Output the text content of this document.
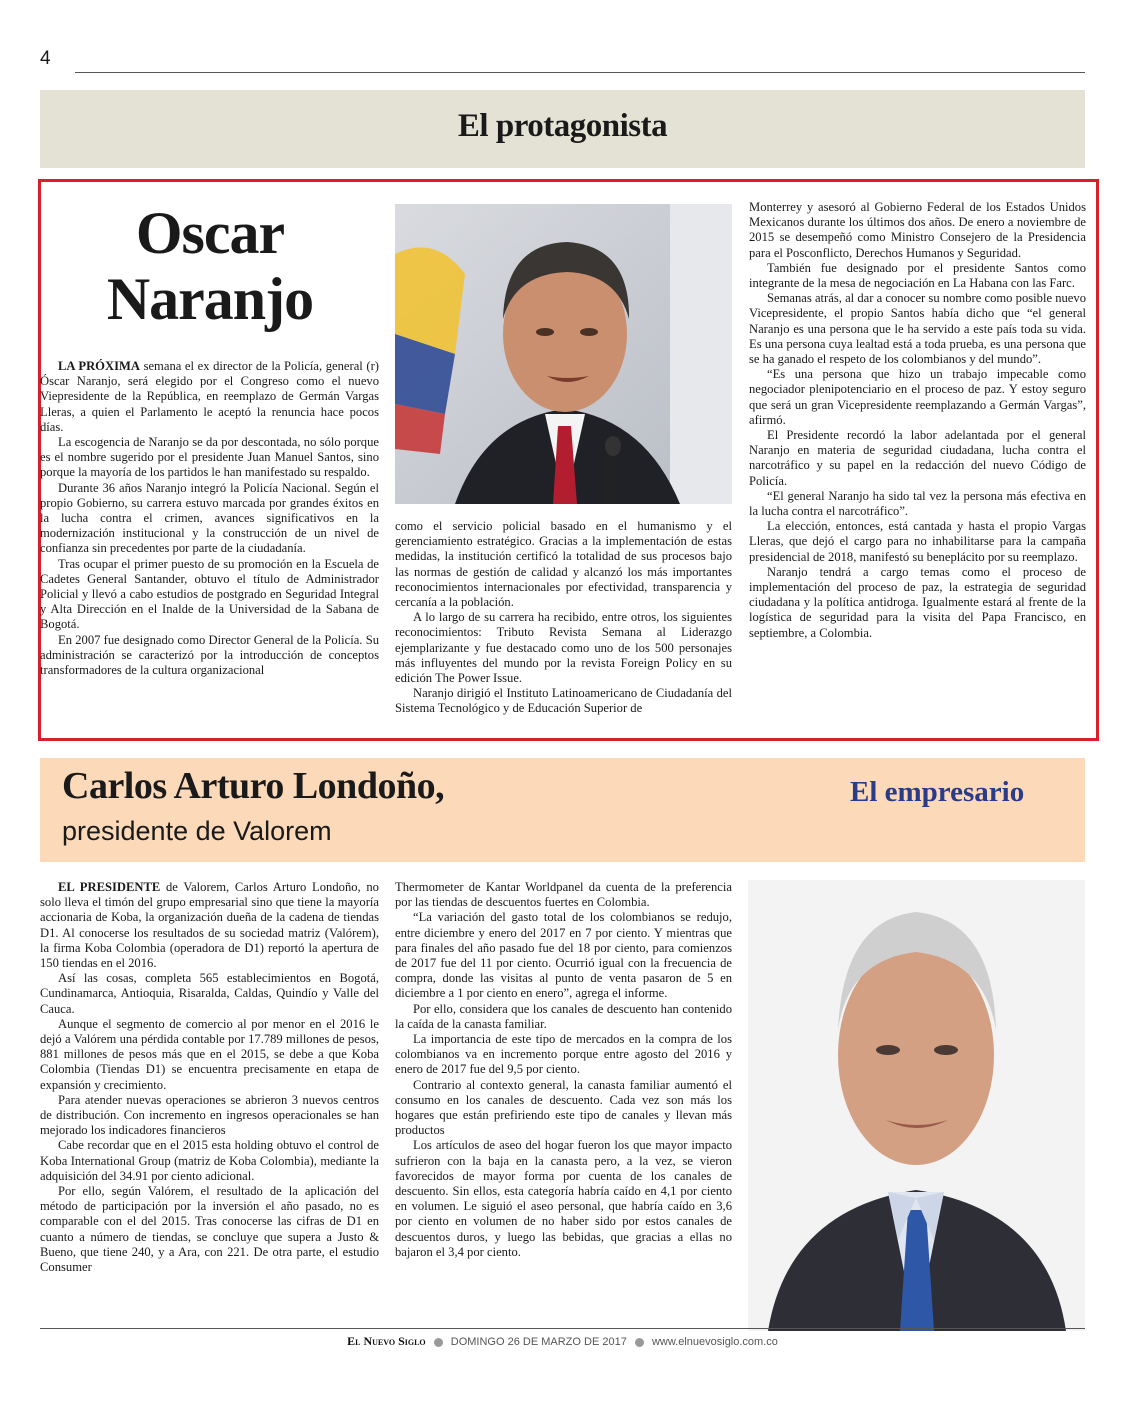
4
El protagonista
Oscar Naranjo

LA PRÓXIMA semana el ex director de la Policía, general (r) Óscar Naranjo, será elegido por el Congreso como el nuevo Viepresidente de la República, en reemplazo de Germán Vargas Lleras, a quien el Parlamento le aceptó la renuncia hace pocos días.

La escogencia de Naranjo se da por descontada, no sólo porque es el nombre sugerido por el presidente Juan Manuel Santos, sino porque la mayoría de los partidos le han manifestado su respaldo.

Durante 36 años Naranjo integró la Policía Nacional. Según el propio Gobierno, su carrera estuvo marcada por grandes éxitos en la lucha contra el crimen, avances significativos en la modernización institucional y la construcción de un nivel de confianza sin precedentes por parte de la ciudadanía.

Tras ocupar el primer puesto de su promoción en la Escuela de Cadetes General Santander, obtuvo el título de Administrador Policial y llevó a cabo estudios de postgrado en Seguridad Integral y Alta Dirección en el Inalde de la Universidad de la Sabana de Bogotá.

En 2007 fue designado como Director General de la Policía. Su administración se caracterizó por la introducción de conceptos transformadores de la cultura organizacional

como el servicio policial basado en el humanismo y el gerenciamiento estratégico. Gracias a la implementación de estas medidas, la institución certificó la totalidad de sus procesos bajo las normas de gestión de calidad y alcanzó los más importantes reconocimientos internacionales por efectividad, transparencia y cercanía a la población.

A lo largo de su carrera ha recibido, entre otros, los siguientes reconocimientos: Tributo Revista Semana al Liderazgo ejemplarizante y fue destacado como uno de los 500 personajes más influyentes del mundo por la revista Foreign Policy en su edición The Power Issue.

Naranjo dirigió el Instituto Latinoamericano de Ciudadanía del Sistema Tecnológico y de Educación Superior de

Monterrey y asesoró al Gobierno Federal de los Estados Unidos Mexicanos durante los últimos dos años. De enero a noviembre de 2015 se desempeñó como Ministro Consejero de la Presidencia para el Posconflicto, Derechos Humanos y Seguridad.

También fue designado por el presidente Santos como integrante de la mesa de negociación en La Habana con las Farc.

Semanas atrás, al dar a conocer su nombre como posible nuevo Vicepresidente, el propio Santos había dicho que “el general Naranjo es una persona que le ha servido a este país toda su vida. Es una persona cuya lealtad está a toda prueba, es una persona que se ha ganado el respeto de los colombianos y del mundo”.

“Es una persona que hizo un trabajo impecable como negociador plenipotenciario en el proceso de paz. Y estoy seguro que será un gran Vicepresidente reemplazando a Germán Vargas”, afirmó.

El Presidente recordó la labor adelantada por el general Naranjo en materia de seguridad ciudadana, lucha contra el narcotráfico y su papel en la redacción del nuevo Código de Policía.

“El general Naranjo ha sido tal vez la persona más efectiva en la lucha contra el narcotráfico”.

La elección, entonces, está cantada y hasta el propio Vargas Lleras, que dejó el cargo para no inhabilitarse para la campaña presidencial de 2018, manifestó su beneplácito por su reemplazo.

Naranjo tendrá a cargo temas como el proceso de implementación del proceso de paz, la estrategia de seguridad ciudadana y la política antidroga. Igualmente estará al frente de la logística de seguridad para la visita del Papa Francisco, en septiembre, a Colombia.

Carlos Arturo Londoño,
presidente de Valorem
El empresario

EL PRESIDENTE de Valorem, Carlos Arturo Londoño, no solo lleva el timón del grupo empresarial sino que tiene la mayoría accionaria de Koba, la organización dueña de la cadena de tiendas D1. Al conocerse los resultados de su sociedad matriz (Valórem), la firma Koba Colombia (operadora de D1) reportó la apertura de 150 tiendas en el 2016.

Así las cosas, completa 565 establecimientos en Bogotá, Cundinamarca, Antioquia, Risaralda, Caldas, Quindío y Valle del Cauca.

Aunque el segmento de comercio al por menor en el 2016 le dejó a Valórem una pérdida contable por 17.789 millones de pesos, 881 millones de pesos más que en el 2015, se debe a que Koba Colombia (Tiendas D1) se encuentra precisamente en etapa de expansión y crecimiento.

Para atender nuevas operaciones se abrieron 3 nuevos centros de distribución. Con incremento en ingresos operacionales se han mejorado los indicadores financieros

Cabe recordar que en el 2015 esta holding obtuvo el control de Koba International Group (matriz de Koba Colombia), mediante la adquisición del 34.91 por ciento adicional.

Por ello, según Valórem, el resultado de la aplicación del método de participación por la inversión el año pasado, no es comparable con el del 2015. Tras conocerse las cifras de D1 en cuanto a número de tiendas, se concluye que supera a Justo & Bueno, que tiene 240, y a Ara, con 221. De otra parte, el estudio Consumer

Thermometer de Kantar Worldpanel da cuenta de la preferencia por las tiendas de descuentos fuertes en Colombia.

“La variación del gasto total de los colombianos se redujo, entre diciembre y enero del 2017 en 7 por ciento. Y mientras que para finales del año pasado fue del 18 por ciento, para comienzos de 2017 fue del 11 por ciento. Ocurrió igual con la frecuencia de compra, donde las visitas al punto de venta pasaron de 5 en diciembre a 1 por ciento en enero”, agrega el informe.

Por ello, considera que los canales de descuento han contenido la caída de la canasta familiar.

La importancia de este tipo de mercados en la compra de los colombianos va en incremento porque entre agosto del 2016 y enero de 2017 fue del 9,5 por ciento.

Contrario al contexto general, la canasta familiar aumentó el consumo en los canales de descuento. Cada vez son más los hogares que están prefiriendo este tipo de canales y llevan más productos

Los artículos de aseo del hogar fueron los que mayor impacto sufrieron con la baja en la canasta pero, a la vez, se vieron favorecidos de mayor forma por cuenta de los canales de descuento. Sin ellos, esta categoría habría caído en 4,1 por ciento en volumen. Le siguió el aseo personal, que habría caído en 3,6 por ciento en volumen de no haber sido por estos canales de descuentos duros, y luego las bebidas, que gracias a ellas no bajaron el 3,4 por ciento.

El Nuevo Siglo DOMINGO 26 DE MARZO DE 2017 www.elnuevosiglo.com.co
